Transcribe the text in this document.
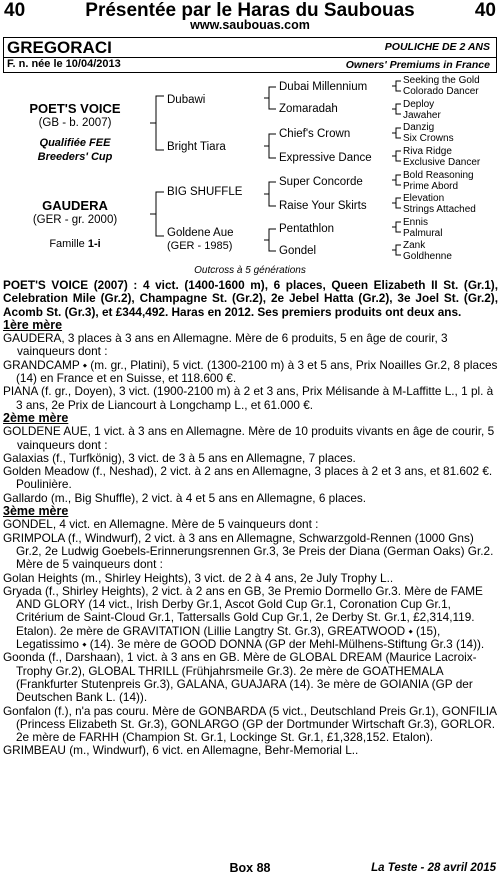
40	Présentée par le Haras du Saubouas	40
www.saubouas.com
GREGORACI	POULICHE DE 2 ANS
F. n. née le 10/04/2013	Owners' Premiums in France
POET'S VOICE
(GB - b. 2007)
Qualifiée FEE
Breeders' Cup
GAUDERA
(GER - gr. 2000)
Famille 1-i
Dubawi
Bright Tiara
BIG SHUFFLE
Goldene Aue
(GER - 1985)
Dubai Millennium
Zomaradah
Chief's Crown
Expressive Dance
Super Concorde
Raise Your Skirts
Pentathlon
Gondel
Seeking the Gold
Colorado Dancer
Deploy
Jawaher
Danzig
Six Crowns
Riva Ridge
Exclusive Dancer
Bold Reasoning
Prime Abord
Elevation
Strings Attached
Ennis
Palmural
Zank
Goldhenne
Outcross à 5 générations

POET'S VOICE (2007) : 4 vict. (1400-1600 m), 6 places, Queen Elizabeth II St. (Gr.1), Celebration Mile (Gr.2), Champagne St. (Gr.2), 2e Jebel Hatta (Gr.2), 3e Joel St. (Gr.2), Acomb St. (Gr.3), et £344,492. Haras en 2012. Ses premiers produits ont deux ans.

1ère mère

GAUDERA, 3 places à 3 ans en Allemagne. Mère de 6 produits, 5 en âge de courir, 3 vainqueurs dont :

GRANDCAMP ⬩ (m. gr., Platini), 5 vict. (1300-2100 m) à 3 et 5 ans, Prix Noailles Gr.2, 8 places (14) en France et en Suisse, et 118.600 €.

PIANA (f. gr., Doyen), 3 vict. (1900-2100 m) à 2 et 3 ans, Prix Mélisande à M-Laffitte L., 1 pl. à 3 ans, 2e Prix de Liancourt à Longchamp L., et 61.000 €.

2ème mère

GOLDENE AUE, 1 vict. à 3 ans en Allemagne. Mère de 10 produits vivants en âge de courir, 5 vainqueurs dont :

Galaxias (f., Turfkönig), 3 vict. de 3 à 5 ans en Allemagne, 7 places.

Golden Meadow (f., Neshad), 2 vict. à 2 ans en Allemagne, 3 places à 2 et 3 ans, et 81.602 €. Poulinière.

Gallardo (m., Big Shuffle), 2 vict. à 4 et 5 ans en Allemagne, 6 places.

3ème mère

GONDEL, 4 vict. en Allemagne. Mère de 5 vainqueurs dont :

GRIMPOLA (f., Windwurf), 2 vict. à 3 ans en Allemagne, Schwarzgold-Rennen (1000 Gns) Gr.2, 2e Ludwig Goebels-Erinnerungsrennen Gr.3, 3e Preis der Diana (German Oaks) Gr.2. Mère de 5 vainqueurs dont :

Golan Heights (m., Shirley Heights), 3 vict. de 2 à 4 ans, 2e July Trophy L..

Gryada (f., Shirley Heights), 2 vict. à 2 ans en GB, 3e Premio Dormello Gr.3. Mère de FAME AND GLORY (14 vict., Irish Derby Gr.1, Ascot Gold Cup Gr.1, Coronation Cup Gr.1, Critérium de Saint-Cloud Gr.1, Tattersalls Gold Cup Gr.1, 2e Derby St. Gr.1, £2,314,119. Etalon). 2e mère de GRAVITATION (Lillie Langtry St. Gr.3), GREATWOOD ⬩ (15), Legatissimo ⬩ (14). 3e mère de GOOD DONNA (GP der Mehl-Mülhens-Stiftung Gr.3 (14)).

Goonda (f., Darshaan), 1 vict. à 3 ans en GB. Mère de GLOBAL DREAM (Maurice Lacroix-Trophy Gr.2), GLOBAL THRILL (Frühjahrsmeile Gr.3). 2e mère de GOATHEMALA (Frankfurter Stutenpreis Gr.3), GALANA, GUAJARA (14). 3e mère de GOIANIA (GP der Deutschen Bank L. (14)).

Gonfalon (f.), n'a pas couru. Mère de GONBARDA (5 vict., Deutschland Preis Gr.1), GONFILIA (Princess Elizabeth St. Gr.3), GONLARGO (GP der Dortmunder Wirtschaft Gr.3), GORLOR. 2e mère de FARHH (Champion St. Gr.1, Lockinge St. Gr.1, £1,328,152. Etalon).

GRIMBEAU (m., Windwurf), 6 vict. en Allemagne, Behr-Memorial L..

Box 88	La Teste - 28 avril 2015
